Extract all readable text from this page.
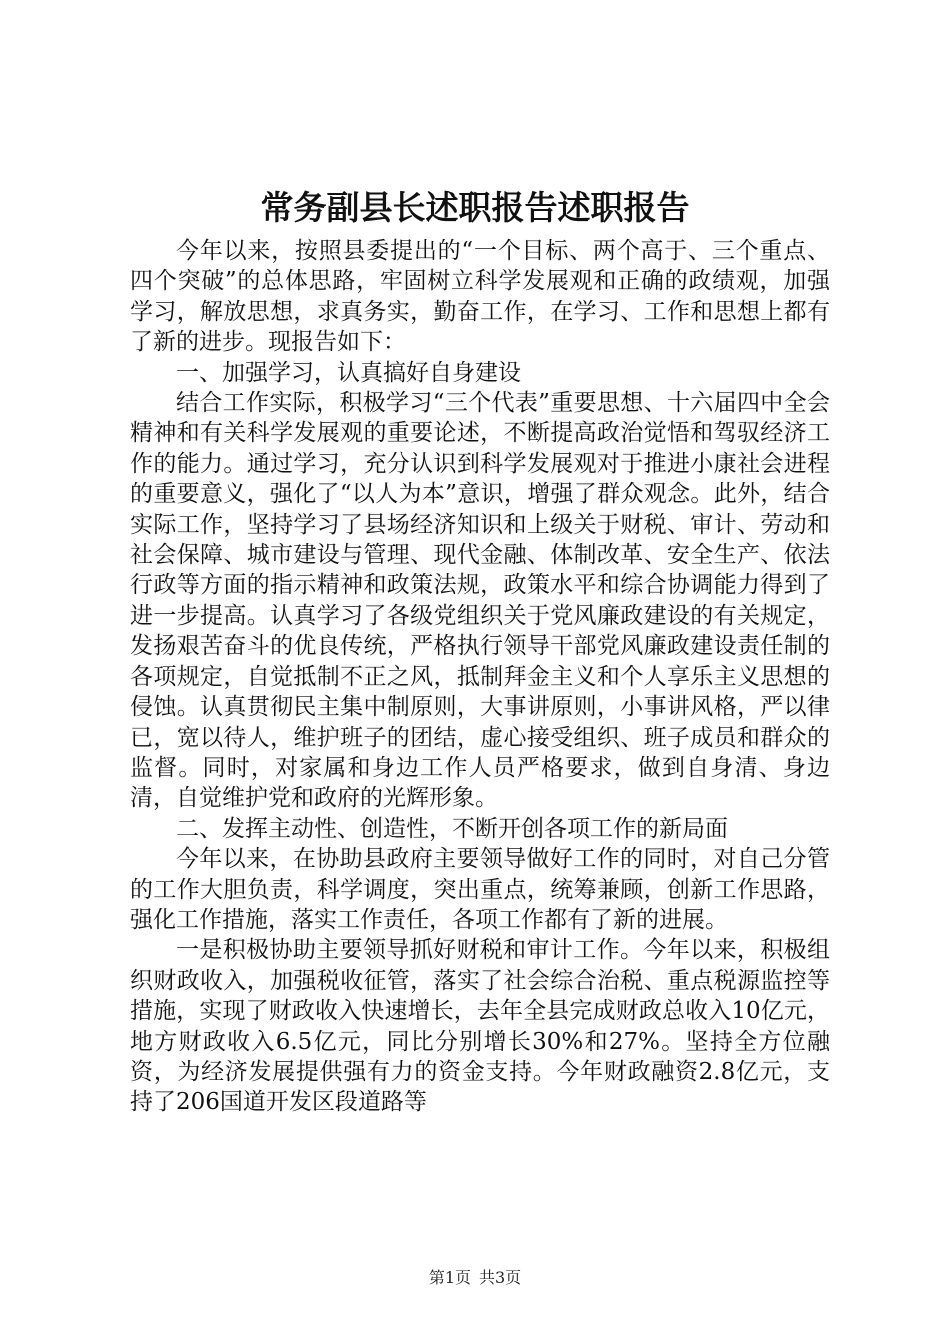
常务副县长述职报告述职报告

今年以来，按照县委提出的“一个目标、两个高于、三个重点、四个突破”的总体思路，牢固树立科学发展观和正确的政绩观，加强学习，解放思想，求真务实，勤奋工作，在学习、工作和思想上都有了新的进步。现报告如下：

一、加强学习，认真搞好自身建设

结合工作实际，积极学习“三个代表”重要思想、十六届四中全会精神和有关科学发展观的重要论述，不断提高政治觉悟和驾驭经济工作的能力。通过学习，充分认识到科学发展观对于推进小康社会进程的重要意义，强化了“以人为本”意识，增强了群众观念。此外，结合实际工作，坚持学习了县场经济知识和上级关于财税、审计、劳动和社会保障、城市建设与管理、现代金融、体制改革、安全生产、依法行政等方面的指示精神和政策法规，政策水平和综合协调能力得到了进一步提高。认真学习了各级党组织关于党风廉政建设的有关规定，发扬艰苦奋斗的优良传统，严格执行领导干部党风廉政建设责任制的各项规定，自觉抵制不正之风，抵制拜金主义和个人享乐主义思想的侵蚀。认真贯彻民主集中制原则，大事讲原则，小事讲风格，严以律已，宽以待人，维护班子的团结，虚心接受组织、班子成员和群众的监督。同时，对家属和身边工作人员严格要求，做到自身清、身边清，自觉维护党和政府的光辉形象。

二、发挥主动性、创造性，不断开创各项工作的新局面

今年以来，在协助县政府主要领导做好工作的同时，对自己分管的工作大胆负责，科学调度，突出重点，统筹兼顾，创新工作思路，强化工作措施，落实工作责任，各项工作都有了新的进展。

一是积极协助主要领导抓好财税和审计工作。今年以来，积极组织财政收入，加强税收征管，落实了社会综合治税、重点税源监控等措施，实现了财政收入快速增长，去年全县完成财政总收入10亿元，地方财政收入6.5亿元，同比分别增长30%和27%。坚持全方位融资，为经济发展提供强有力的资金支持。今年财政融资2.8亿元，支持了206国道开发区段道路等

第1页 共3页
